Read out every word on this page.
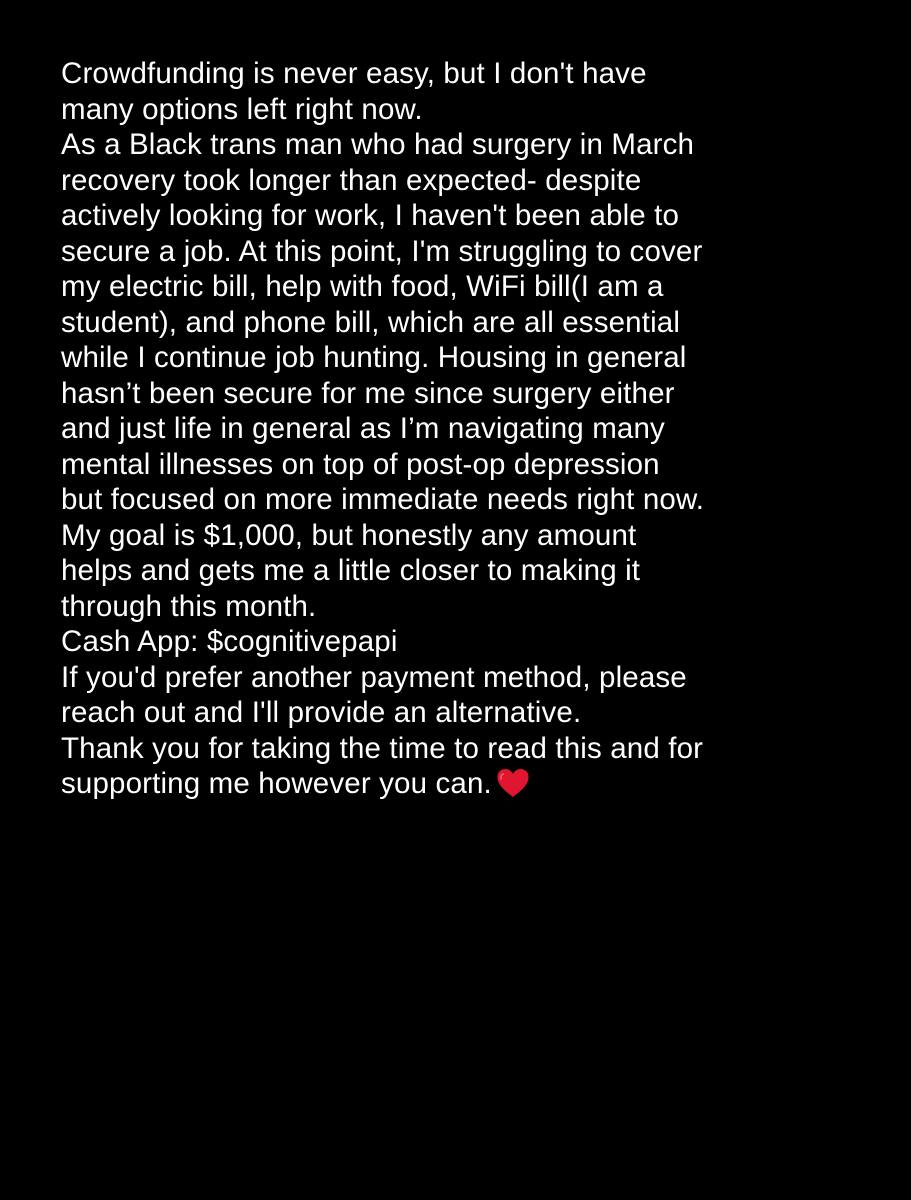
Crowdfunding is never easy, but I don't have
many options left right now.
As a Black trans man who had surgery in March
recovery took longer than expected- despite
actively looking for work, I haven't been able to
secure a job. At this point, I'm struggling to cover
my electric bill, help with food, WiFi bill(I am a
student), and phone bill, which are all essential
while I continue job hunting. Housing in general
hasn’t been secure for me since surgery either
and just life in general as I’m navigating many
mental illnesses on top of post-op depression
but focused on more immediate needs right now.
My goal is $1,000, but honestly any amount
helps and gets me a little closer to making it
through this month.
Cash App: $cognitivepapi
If you'd prefer another payment method, please
reach out and I'll provide an alternative.
Thank you for taking the time to read this and for
supporting me however you can.
